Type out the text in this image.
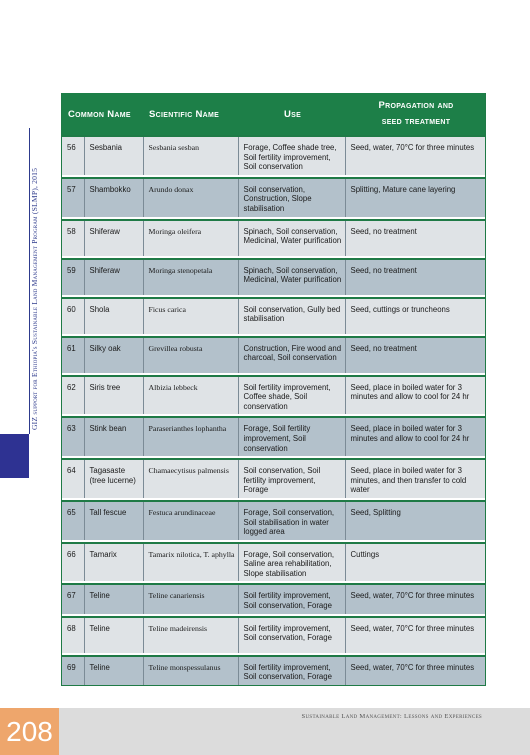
GIZ support for Ethiopia's Sustainable Land Management Program (SLMP), 2015
Common Name		Scientific Name	Use	Propagation and
seed treatment
56	Sesbania	Sesbania sesban	Forage, Coffee shade tree, Soil fertility improvement, Soil conservation	Seed, water, 70°C for three minutes

57	Shambokko	Arundo donax	Soil conservation, Construction, Slope stabilisation	Splitting, Mature cane layering

58	Shiferaw	Moringa oleifera	Spinach, Soil conservation, Medicinal, Water purification	Seed, no treatment

59	Shiferaw	Moringa stenopetala	Spinach, Soil conservation, Medicinal, Water purification	Seed, no treatment

60	Shola	Ficus carica	Soil conservation, Gully bed stabilisation	Seed, cuttings or truncheons

61	Silky oak	Grevillea robusta	Construction, Fire wood and charcoal, Soil conservation	Seed, no treatment

62	Siris tree	Albizia lebbeck	Soil fertility improvement, Coffee shade, Soil conservation	Seed, place in boiled water for 3 minutes and allow to cool for 24 hr

63	Stink bean	Paraserianthes lophantha	Forage, Soil fertility improvement, Soil conservation	Seed, place in boiled water for 3 minutes and allow to cool for 24 hr

64	Tagasaste (tree lucerne)	Chamaecytisus palmensis	Soil conservation, Soil fertility improvement, Forage	Seed, place in boiled water for 3 minutes, and then transfer to cold water

65	Tall fescue	Festuca arundinaceae	Forage, Soil conservation, Soil stabilisation in water logged area	Seed, Splitting

66	Tamarix	Tamarix nilotica, T. aphylla	Forage, Soil conservation, Saline area rehabilitation, Slope stabilisation	Cuttings

67	Teline	Teline canariensis	Soil fertility improvement, Soil conservation, Forage	Seed, water, 70°C for three minutes

68	Teline	Teline madeirensis	Soil fertility improvement, Soil conservation, Forage	Seed, water, 70°C for three minutes

69	Teline	Teline monspessulanus	Soil fertility improvement, Soil conservation, Forage	Seed, water, 70°C for three minutes
208	Sustainable Land Management: Lessons and Experiences
